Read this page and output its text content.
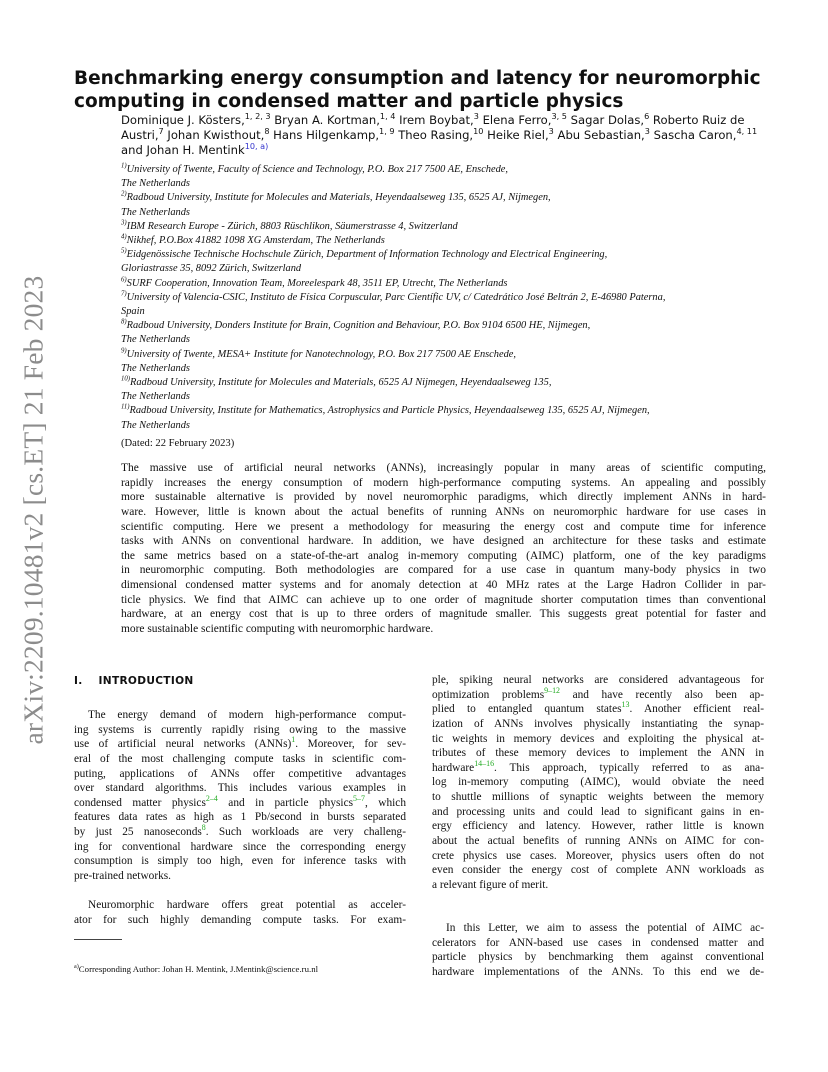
arXiv:2209.10481v2 [cs.ET] 21 Feb 2023
Benchmarking energy consumption and latency for neuromorphic computing in condensed matter and particle physics
Dominique J. Kösters,$^{1, 2, 3}$ Bryan A. Kortman,$^{1, 4}$ Irem Boybat,$^3$ Elena Ferro,$^{3, 5}$ Sagar Dolas,$^6$ Roberto Ruiz de
Austri,$^7$ Johan Kwisthout,$^8$ Hans Hilgenkamp,$^{1, 9}$ Theo Rasing,$^{10}$ Heike Riel,$^3$ Abu Sebastian,$^3$ Sascha Caron,$^{4, 11}$
and Johan H. Mentink$^{10, a)}$
$^{1)}$University of Twente, Faculty of Science and Technology, P.O. Box 217 7500 AE, Enschede,
The Netherlands
$^{2)}$Radboud University, Institute for Molecules and Materials, Heyendaalseweg 135, 6525 AJ, Nijmegen,
The Netherlands
$^{3)}$IBM Research Europe - Zürich, 8803 Rüschlikon, Säumerstrasse 4, Switzerland
$^{4)}$Nikhef, P.O.Box 41882 1098 XG Amsterdam, The Netherlands
$^{5)}$Eidgenössische Technische Hochschule Zürich, Department of Information Technology and Electrical Engineering,
Gloriastrasse 35, 8092 Zürich, Switzerland
$^{6)}$SURF Cooperation, Innovation Team, Moreelespark 48, 3511 EP, Utrecht, The Netherlands
$^{7)}$University of Valencia-CSIC, Instituto de Física Corpuscular, Parc Científic UV, c/ Catedrático José Beltrán 2, E-46980 Paterna,
Spain
$^{8)}$Radboud University, Donders Institute for Brain, Cognition and Behaviour, P.O. Box 9104 6500 HE, Nijmegen,
The Netherlands
$^{9)}$University of Twente, MESA+ Institute for Nanotechnology, P.O. Box 217 7500 AE Enschede,
The Netherlands
$^{10)}$Radboud University, Institute for Molecules and Materials, 6525 AJ Nijmegen, Heyendaalseweg 135,
The Netherlands
$^{11)}$Radboud University, Institute for Mathematics, Astrophysics and Particle Physics, Heyendaalseweg 135, 6525 AJ, Nijmegen,
The Netherlands

(Dated: 22 February 2023)

The massive use of artificial neural networks (ANNs), increasingly popular in many areas of scientific computing,
rapidly increases the energy consumption of modern high-performance computing systems. An appealing and possibly
more sustainable alternative is provided by novel neuromorphic paradigms, which directly implement ANNs in hard-
ware. However, little is known about the actual benefits of running ANNs on neuromorphic hardware for use cases in
scientific computing. Here we present a methodology for measuring the energy cost and compute time for inference
tasks with ANNs on conventional hardware. In addition, we have designed an architecture for these tasks and estimate
the same metrics based on a state-of-the-art analog in-memory computing (AIMC) platform, one of the key paradigms
in neuromorphic computing. Both methodologies are compared for a use case in quantum many-body physics in two
dimensional condensed matter systems and for anomaly detection at 40 MHz rates at the Large Hadron Collider in par-
ticle physics. We find that AIMC can achieve up to one order of magnitude shorter computation times than conventional
hardware, at an energy cost that is up to three orders of magnitude smaller. This suggests great potential for faster and
more sustainable scientific computing with neuromorphic hardware.
I. INTRODUCTION
The energy demand of modern high-performance comput-
ing systems is currently rapidly rising owing to the massive
use of artificial neural networks (ANNs)$^1$. Moreover, for sev-
eral of the most challenging compute tasks in scientific com-
puting, applications of ANNs offer competitive advantages
over standard algorithms. This includes various examples in
condensed matter physics$^{2-4}$ and in particle physics$^{5-7}$, which
features data rates as high as 1 Pb/second in bursts separated
by just 25 nanoseconds$^8$. Such workloads are very challeng-
ing for conventional hardware since the corresponding energy
consumption is simply too high, even for inference tasks with
pre-trained networks.
Neuromorphic hardware offers great potential as acceler-
ator for such highly demanding compute tasks. For exam-

$^{a)}$Corresponding Author: Johan H. Mentink, J.Mentink@science.ru.nl

ple, spiking neural networks are considered advantageous for
optimization problems$^{9-12}$ and have recently also been ap-
plied to entangled quantum states$^{13}$. Another efficient real-
ization of ANNs involves physically instantiating the synap-
tic weights in memory devices and exploiting the physical at-
tributes of these memory devices to implement the ANN in
hardware$^{14-16}$. This approach, typically referred to as ana-
log in-memory computing (AIMC), would obviate the need
to shuttle millions of synaptic weights between the memory
and processing units and could lead to significant gains in en-
ergy efficiency and latency. However, rather little is known
about the actual benefits of running ANNs on AIMC for con-
crete physics use cases. Moreover, physics users often do not
even consider the energy cost of complete ANN workloads as
a relevant figure of merit.
In this Letter, we aim to assess the potential of AIMC ac-
celerators for ANN-based use cases in condensed matter and
particle physics by benchmarking them against conventional
hardware implementations of the ANNs. To this end we de-
